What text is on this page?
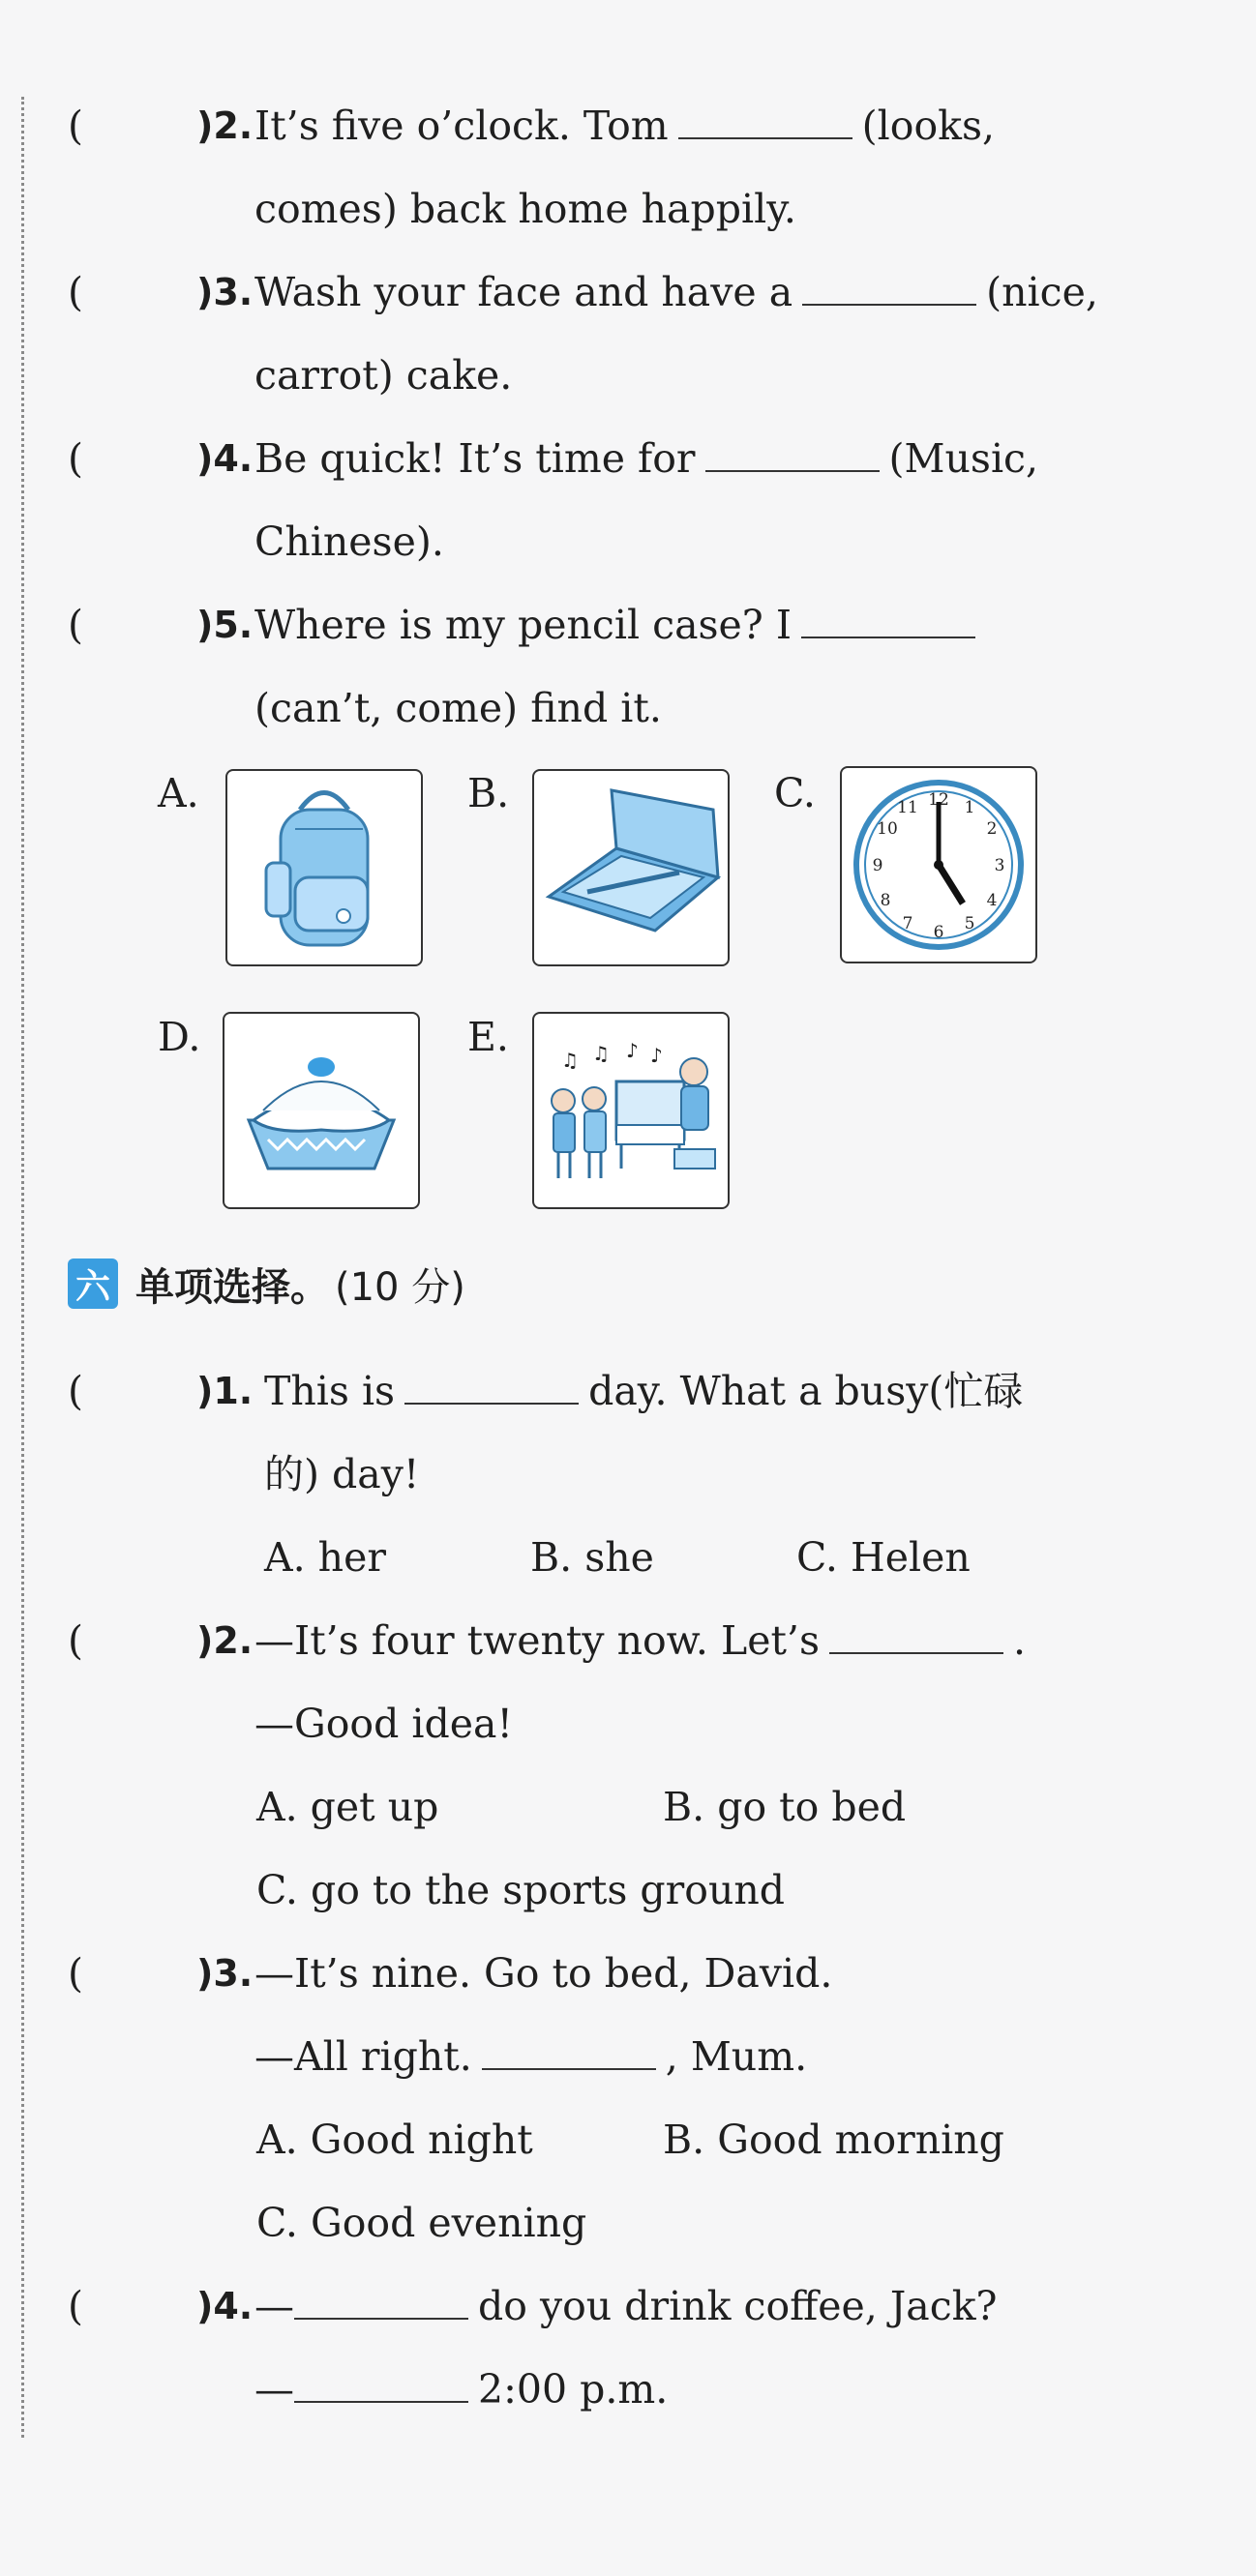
(	)2. It’s five o’clock. Tom	(looks,
comes) back home happily.
(	)3. Wash your face and have a	(nice,
carrot) cake.
(	)4. Be quick! It’s time for	(Music,
Chinese).
(	)5. Where is my pencil case? I
(can’t, come) find it.
A.	B.	C.	12 1
2
3
4
5
6
7
8
9
10
11
D.	E.	♫ ♫ ♪ ♪
六 单项选择。 (10 分)
(	)1. This is	day. What a busy(忙碌
的) day!
A. her	B. she	C. Helen
(	)2. —It’s four twenty now. Let’s	.
—Good idea!
A. get up	B. go to bed
C. go to the sports ground
(	)3. —It’s nine. Go to bed, David.
—All right.	, Mum.
A. Good night	B. Good morning
C. Good evening
(	)4. —	do you drink coffee, Jack?
—	2:00 p.m.
